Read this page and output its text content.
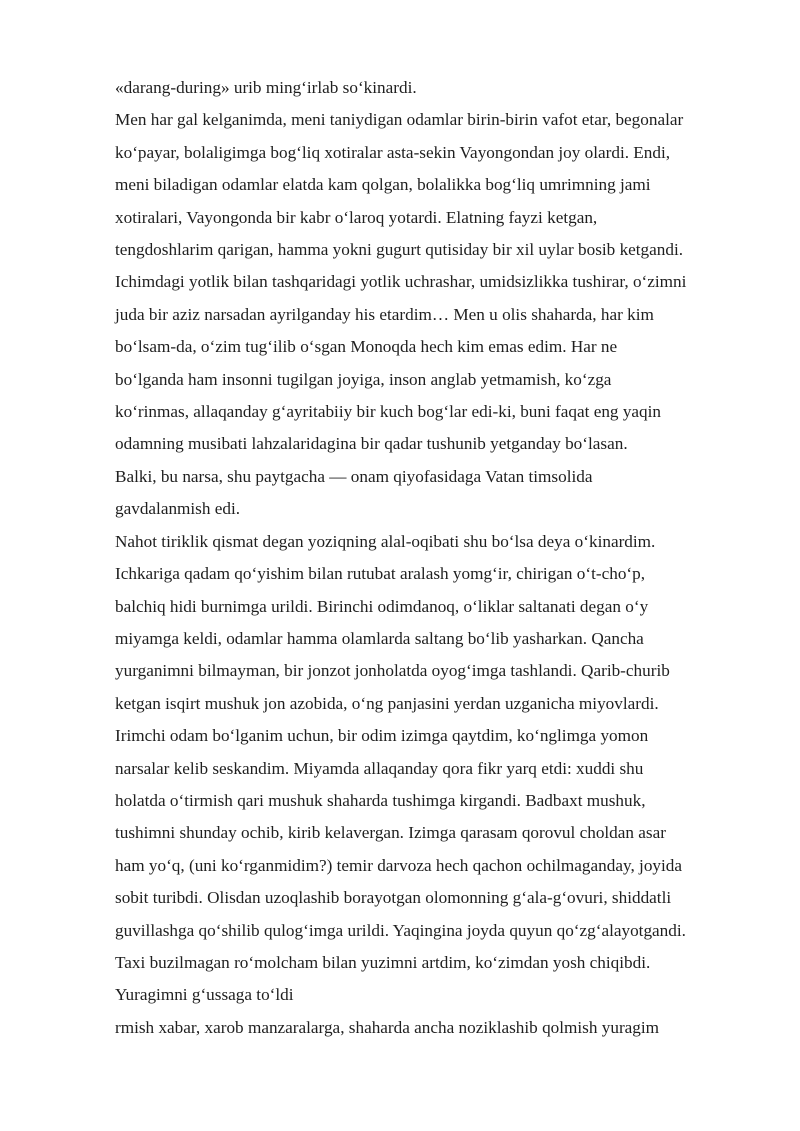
«darang-during» urib mingʻirlab soʻkinardi.
Men har gal kelganimda, meni taniydigan odamlar birin-birin vafot etar, begonalar
koʻpayar, bolaligimga bogʻliq xotiralar asta-sekin Vayongondan joy olardi. Endi,
meni biladigan odamlar elatda kam qolgan, bolalikka bogʻliq umrimning jami
xotiralari, Vayongonda bir kabr oʻlaroq yotardi. Elatning fayzi ketgan,
tengdoshlarim qarigan, hamma yokni gugurt qutisiday bir xil uylar bosib ketgandi.
Ichimdagi yotlik bilan tashqaridagi yotlik uchrashar, umidsizlikka tushirar, oʻzimni
juda bir aziz narsadan ayrilganday his etardim… Men u olis shaharda, har kim
boʻlsam-da, oʻzim tugʻilib oʻsgan Monoqda hech kim emas edim. Har ne
boʻlganda ham insonni tugilgan joyiga, inson anglab yetmamish, koʻzga
koʻrinmas, allaqanday gʻayritabiiy bir kuch bogʻlar edi-ki, buni faqat eng yaqin
odamning musibati lahzalaridagina bir qadar tushunib yetganday boʻlasan.
Balki, bu narsa, shu paytgacha — onam qiyofasidaga Vatan timsolida
gavdalanmish edi.
Nahot tiriklik qismat degan yoziqning alal-oqibati shu boʻlsa deya oʻkinardim.
Ichkariga qadam qoʻyishim bilan rutubat aralash yomgʻir, chirigan oʻt-choʻp,
balchiq hidi burnimga urildi. Birinchi odimdanoq, oʻliklar saltanati degan oʻy
miyamga keldi, odamlar hamma olamlarda saltang boʻlib yasharkan. Qancha
yurganimni bilmayman, bir jonzot jonholatda oyogʻimga tashlandi. Qarib-churib
ketgan isqirt mushuk jon azobida, oʻng panjasini yerdan uzganicha miyovlardi.
Irimchi odam boʻlganim uchun, bir odim izimga qaytdim, koʻnglimga yomon
narsalar kelib seskandim. Miyamda allaqanday qora fikr yarq etdi: xuddi shu
holatda oʻtirmish qari mushuk shaharda tushimga kirgandi. Badbaxt mushuk,
tushimni shunday ochib, kirib kelavergan. Izimga qarasam qorovul choldan asar
ham yoʻq, (uni koʻrganmidim?) temir darvoza hech qachon ochilmaganday, joyida
sobit turibdi. Olisdan uzoqlashib borayotgan olomonning gʻala-gʻovuri, shiddatli
guvillashga qoʻshilib qulogʻimga urildi. Yaqingina joyda quyun qoʻzgʻalayotgandi.
Taxi buzilmagan roʻmolcham bilan yuzimni artdim, koʻzimdan yosh chiqibdi.
Yuragimni gʻussaga toʻldi
rmish xabar, xarob manzaralarga, shaharda ancha noziklashib qolmish yuragim
